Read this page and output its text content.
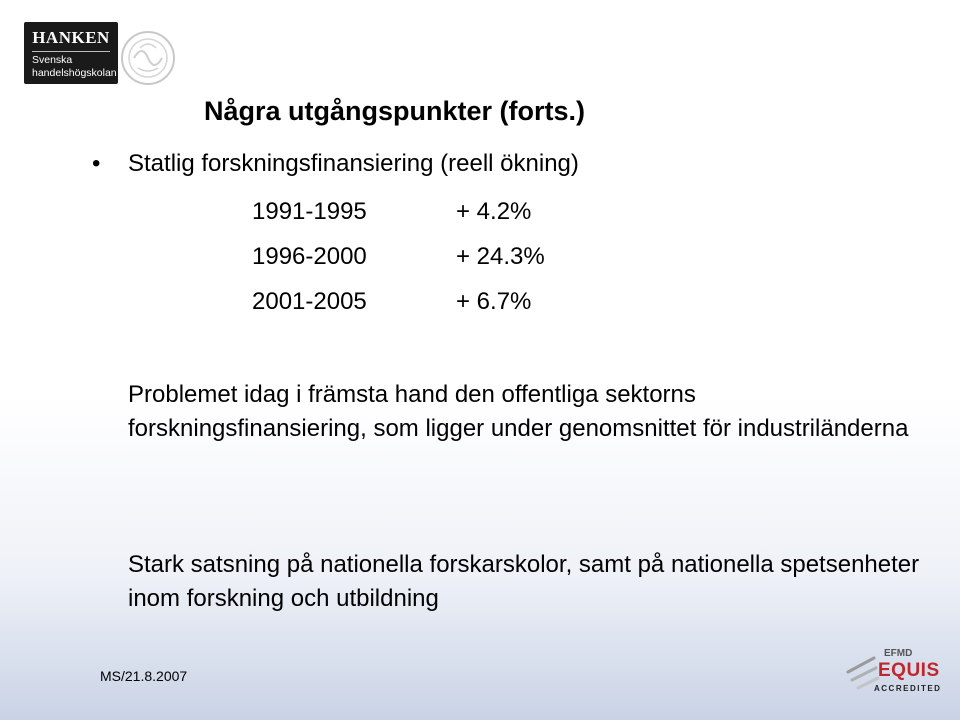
HANKEN
Svenska
handelshögskolan
Några utgångspunkter (forts.)
• Statlig forskningsfinansiering (reell ökning)
1991-1995	+ 4.2%
1996-2000	+ 24.3%
2001-2005	+ 6.7%

Problemet idag i främsta hand den offentliga sektorns forskningsfinansiering, som ligger under genomsnittet för industriländerna

Stark satsning på nationella forskarskolor, samt på nationella spetsenheter inom forskning och utbildning

MS/21.8.2007
EFMD
EQUIS
ACCREDITED
